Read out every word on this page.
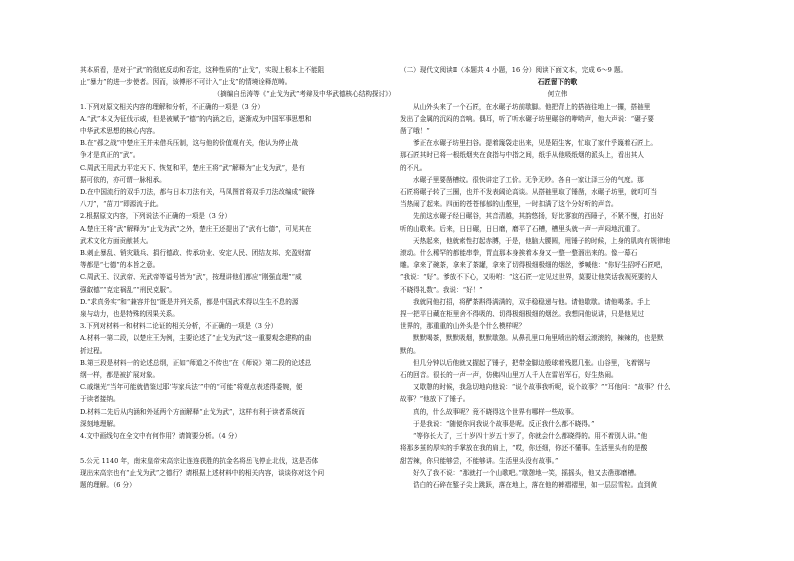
其本质看，是对于“武”的彻底反动和否定，这种性质的“止戈”，实现上根本上不能阻

止“暴力”的进一步使者。因而，该傅形不可计入“止戈”的情境诠释范畴。

（摘编自岳涛等《“止戈为武”考辩及中华武德核心结构探讨》）

1.下列对原文相关内容的理解和分析，不正确的一项是（3 分）

A.“武”本义为征伐示威，但是被赋予“德”的内涵之后，逐渐成为中国军事思想和

中华武术思想的核心内容。

B.在“邲之战”中楚庄王并未借兵压制，这与他的价值观有关，他认为停止战

争才是真正的“武”。

C.周武王用武力平定天下、恢复和平，楚庄王将“武”解释为“止戈为武”，是有

据可依的，亦可谓一脉相承。

D.在中国流行的双手刀法，都与日本刀法有关，马凤图首将双手刀法改编成“破锋

八刀”，“苗刀”即源流于此。

2.根据原文内容，下列说法不正确的一项是（3 分）

A.楚庄王将“武”解释为“止戈为武”之外，楚庄王还提出了“武有七德”，可见其在

武术文化方面贡献甚大。

B.刺止暴乱、销灾戢兵、捐行德政、传承功业、安定人民、团结友邦、充盈财富

等都是“七德”的本旨之意。

C.周武王、汉武帝、光武帝等谥号皆为“武”，按理讲他们都应“刚强直理”“威

强叡德”“克定祸乱”“刑民克服”。

D.“求真务实”和“兼容并包”既是并列关系，都是中国武术得以生生不息的源

泉与动力，也是特殊的因果关系。

3.下列对材料一和材料二论证的相关分析，不正确的一项是（3 分）

A.材料一第二段，以楚庄王为例，主要论述了“止戈为武”这一重要观念建构的曲

折过程。

B.第三段是材料一的论述总纲，正如“师道之不传也”在《师说》第二段的论述总

纲一样，都是被扩展对象。

C.戚继光“当年可能就借鉴过耶‘岑家兵法’”中的“可能”将观点表述得委婉，便

于读者接纳。

D.材料二先后从内涵和外延两个方面解释“止戈为武”，这样有利于读者系统而

深刻地理解。

4.文中画线句在全文中有何作用？请简要分析。（4 分）

5.公元 1140 年，南宋皇帝宋高宗让连连获胜的抗金名将岳飞停止北伐，这是否体

现出宋高宗也有“止戈为武”之德行？请根据上述材料中的相关内容，谈谈你对这个问

题的理解。（6 分）

（二）现代文阅读Ⅱ（本题共 4 小题，16 分）阅读下面文本，完成 6～9 题。

石匠留下的歌

何立伟

从山外头来了一个石匠，在水碾子坊前歇脚。他把背上的搭裢往地上一攞，搭裢里

发出了金属的沉闷的音响。偶耳，听了听水碾子坊里碾谷的咿哟声，他大声说：“碾子要

凿了哦！”

爹正在水碾子坊里扫谷。提着篾袋走出来，见是陌生客，忙取了家什乎篾着石匠上。

那石匠其时已将一根纸烟夹在食指与中指之间，纸手从他吸纸烟的派头上，看出其人

的不凡。

水碾子里要凿槽纹。很快讲定了工价。无争无吵。各自一家让泽三分的气度。那

石匠将碾子转了三圈，也并不发表阔论高谈。从搭裢里取了锤凿，水碾子坊里，就叮叮当

当热闹了起来。四面的苍苍郁郁的山壑里，一时扣满了这个分好听的声音。

先前这水碾子经日碾谷，其音清越，其韵悠扬，好比寥寂的西陲子，不紧不慢，打出好

听的山歌来。后来，日日碾，日日磨，磨平了石槽，槽里头就一声一声闷地沉重了。

天热起来，他就索性打起赤膊，于是，他脑大腰圆，甩锤子的时候，上身的肌肉有规律地

滚动。什么稀罕的都能串拳，胃直那本身挨着本身又一整一整溜出来的。像一幕石

雕。拿来了碗茶，拿来了茶罐，拿来了切得极细极细的烟丝，爹喊他：“你好生招呼石匠吧，

”我说：“好”。爹放不下心，又吩咐：“这石匠一定见过世界，莫要让他笑话我视死要的人

不晓得礼数”。我说：“好！”

我就同他打招，将酽茶斟得满满的，双手稳稳递与他。请他歇歇。请他喝茶。手上

捏一把平日藏在柜里舍不得吸的、切得极细极细的烟丝。我想同他说讲，只是他见过

世界的，那重重的山外头是个什么模样呢？

默默喝茶，默默吸烟，默默歇憩。从鼻孔里口角里喷出的烟云滚滚的，辣辣的，也是默

默的。

但几分钟以后他就又握起了锤子，把带金脚边般球着残愿几张。山谷里，飞着钢与

石的回音。很长的一声一声，仿佛四山里万人千人在雷岩军石，好生热闹。

又歇憩的时候，我急切地向他说：“说个故事我听呢，说个故事？”“耳他问：“故事？什么

故事？”他放下了锤子。

真的，什么故事呢？竟不晓得这个世界有哪样一些故事。

于是我说：“随便你问我说个故事是呢。反正我什么都不晓得。”

“等你长大了，三十岁四十岁五十岁了，你就会什么都晓得的。用不着别人讲。”他

将那多茧的厚实的手掌放在我的肩上，“哎，你还细，你还不懂事。生活里头有的是酸

甜苦辣，你只能够尝，不能够讲。生活里头没有故事。”

好久了我不说：“那就打一个山歌吧。”歇憩地一笑，摇摇头，他又去凿那磨槽。

诰白的石碎在錾子尖上跳跃，落在地上，落在他的裤褶褶里，如一层层雪粒。直到黄
